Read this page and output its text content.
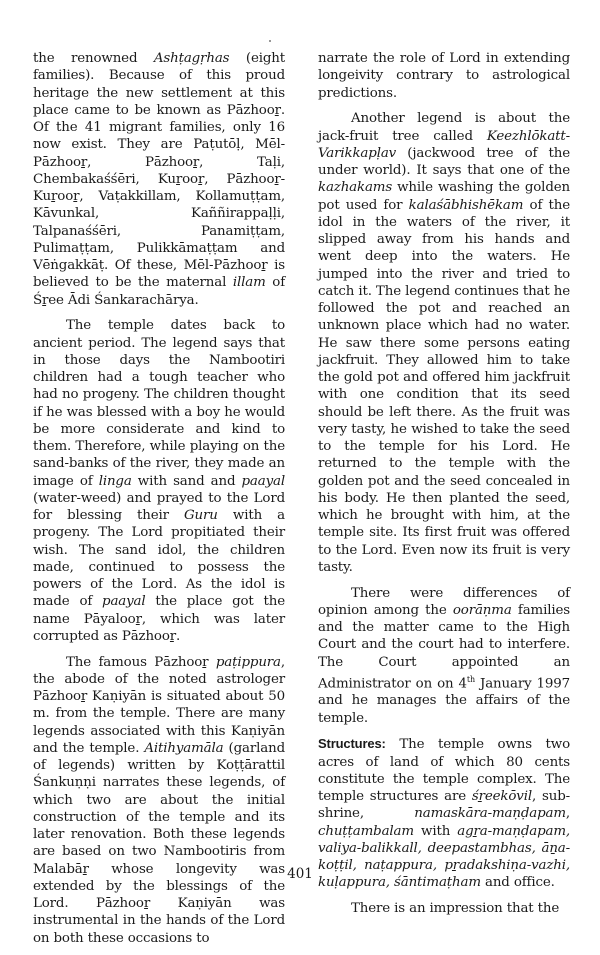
the renowned Ashṭagṛhas (eight families). Because of this proud heritage the new settlement at this place came to be known as Pāzhooṟ. Of the 41 migrant families, only 16 now exist. They are Paṭutōḷ, Mēl-Pāzhooṟ, Pāzhooṟ, Taḷi, Chembakaśśēri, Kuṟooṟ, Pāzhooṟ-Kuṟooṟ, Vaṭakkillam, Kollamuṭṭam, Kāvunkal, Kaññirappaḷḷi, Talpanaśśēri, Panamiṭṭam, Pulimaṭṭam, Pulikkāmaṭṭam and Vēṅgakkāṭ. Of these, Mēl-Pāzhooṟ is believed to be the maternal illam of Śṟee Ādi Śankarachārya.

The temple dates back to ancient period. The legend says that in those days the Nambootiri children had a tough teacher who had no progeny. The children thought if he was blessed with a boy he would be more considerate and kind to them. Therefore, while playing on the sand-banks of the river, they made an image of linga with sand and paayal (water-weed) and prayed to the Lord for blessing their Guru with a progeny. The Lord propitiated their wish. The sand idol, the children made, continued to possess the powers of the Lord. As the idol is made of paayal the place got the name Pāyalooṟ, which was later corrupted as Pāzhooṟ.

The famous Pāzhooṟ paṭippura, the abode of the noted astrologer Pāzhooṟ Kaṇiyān is situated about 50 m. from the temple. There are many legends associated with this Kaṇiyān and the temple. Aitihyamāla (garland of legends) written by Koṭṭārattil Śankuṇṇi narrates these legends, of which two are about the initial construction of the temple and its later renovation. Both these legends are based on two Nambootiris from Malabāṟ whose longevity was extended by the blessings of the Lord. Pāzhooṟ Kaṇiyān was instrumental in the hands of the Lord on both these occasions to

narrate the role of Lord in extending longeivity contrary to astrological predictions.

Another legend is about the jack-fruit tree called Keezhlōkatt-Varikkapḷav (jackwood tree of the under world). It says that one of the kazhakams while washing the golden pot used for kalaśābhishēkam of the idol in the waters of the river, it slipped away from his hands and went deep into the waters. He jumped into the river and tried to catch it. The legend continues that he followed the pot and reached an unknown place which had no water. He saw there some persons eating jackfruit. They allowed him to take the gold pot and offered him jackfruit with one condition that its seed should be left there. As the fruit was very tasty, he wished to take the seed to the temple for his Lord. He returned to the temple with the golden pot and the seed concealed in his body. He then planted the seed, which he brought with him, at the temple site. Its first fruit was offered to the Lord. Even now its fruit is very tasty.

There were differences of opinion among the oorāṇma families and the matter came to the High Court and the court had to interfere. The Court appointed an Administrator on on 4th January 1997 and he manages the affairs of the temple.

Structures: The temple owns two acres of land of which 80 cents constitute the temple complex. The temple structures are śṟeekōvil, sub-shrine, namaskāra-maṇḍapam, chuṭṭambalam with agṟa-maṇḍapam, valiya-balikkall, deepastambhas, āṉa-koṭṭil, naṭappura, pṟadakshiṇa-vazhi, kuḷappura, śāntimaṭham and office.

There is an impression that the

401
